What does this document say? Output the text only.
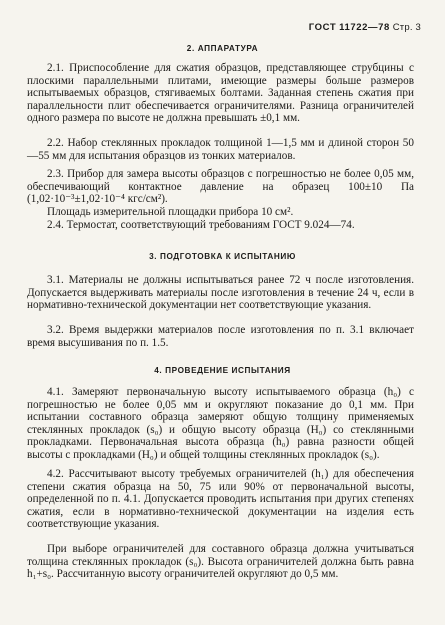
ГОСТ 11722—78 Стр. 3
2. АППАРАТУРА

2.1. Приспособление для сжатия образцов, представляющее струбцины с плоскими параллельными плитами, имеющие размеры больше размеров испытываемых образцов, стягиваемых болтами. Заданная степень сжатия при параллельности плит обеспечивается ограничителями. Разница ограничителей одного размера по высоте не должна превышать ±0,1 мм.

2.2. Набор стеклянных прокладок толщиной 1—1,5 мм и длиной сторон 50—55 мм для испытания образцов из тонких материалов.

2.3. Прибор для замера высоты образцов с погрешностью не более 0,05 мм, обеспечивающий контактное давление на образец 100±10 Па (1,02·10⁻³±1,02·10⁻⁴ кгс/см²).

Площадь измерительной площадки прибора 10 см².

2.4. Термостат, соответствующий требованиям ГОСТ 9.024—74.

3. ПОДГОТОВКА К ИСПЫТАНИЮ

3.1. Материалы не должны испытываться ранее 72 ч после изготовления. Допускается выдерживать материалы после изготовления в течение 24 ч, если в нормативно-технической документации нет соответствующие указания.

3.2. Время выдержки материалов после изготовления по п. 3.1 включает время высушивания по п. 1.5.

4. ПРОВЕДЕНИЕ ИСПЫТАНИЯ

4.1. Замеряют первоначальную высоту испытываемого образца (h₀) с погрешностью не более 0,05 мм и округляют показание до 0,1 мм. При испытании составного образца замеряют общую толщину применяемых стеклянных прокладок (s₀) и общую высоту образца (H₀) со стеклянными прокладками. Первоначальная высота образца (h₀) равна разности общей высоты с прокладками (H₀) и общей толщины стеклянных прокладок (s₀).

4.2. Рассчитывают высоту требуемых ограничителей (h₁) для обеспечения степени сжатия образца на 50, 75 или 90% от первоначальной высоты, определенной по п. 4.1. Допускается проводить испытания при других степенях сжатия, если в нормативно-технической документации на изделия есть соответствующие указания.

При выборе ограничителей для составного образца должна учитываться толщина стеклянных прокладок (s₀). Высота ограничителей должна быть равна h₁+s₀. Рассчитанную высоту ограничителей округляют до 0,5 мм.
